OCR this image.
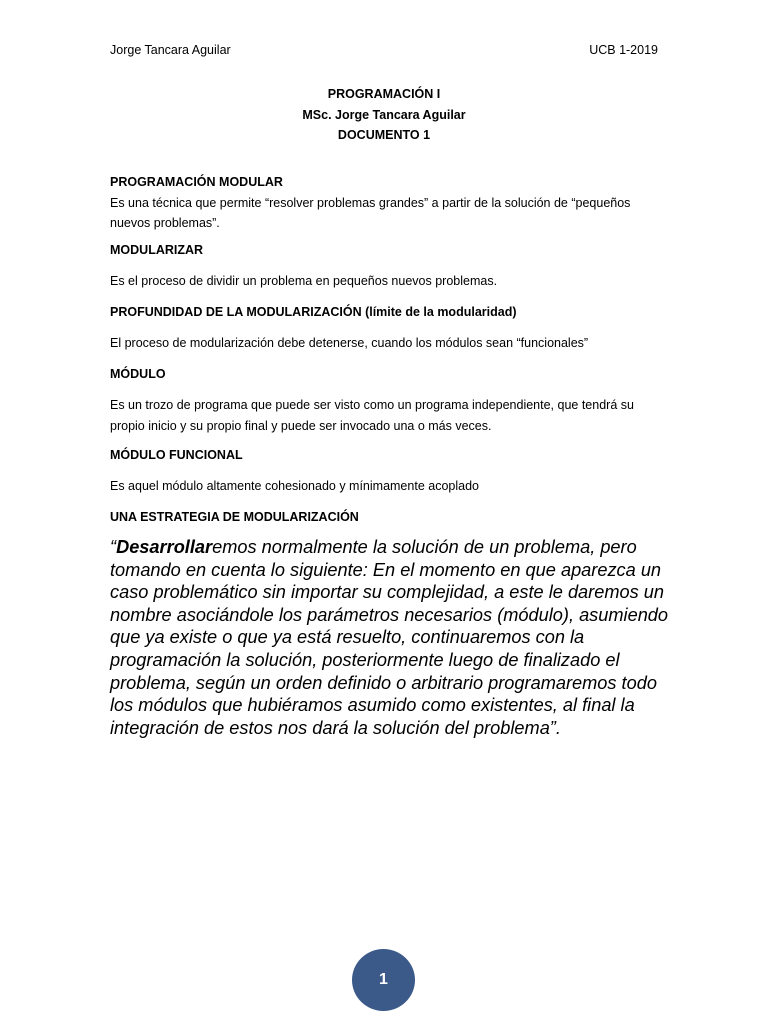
Jorge Tancara Aguilar	UCB 1-2019
PROGRAMACIÓN I
MSc. Jorge Tancara Aguilar
DOCUMENTO 1
PROGRAMACIÓN MODULAR
Es una técnica que permite “resolver problemas grandes” a partir de la solución de “pequeños nuevos problemas”.
MODULARIZAR
Es el proceso de dividir un problema en pequeños nuevos problemas.
PROFUNDIDAD DE LA MODULARIZACIÓN (límite de la modularidad)
El proceso de modularización debe detenerse, cuando los módulos sean “funcionales”
MÓDULO
Es un trozo de programa que puede ser visto como un programa independiente, que tendrá su propio inicio y su propio final y puede ser invocado una o más veces.
MÓDULO FUNCIONAL
Es aquel módulo altamente cohesionado y mínimamente acoplado
UNA ESTRATEGIA DE MODULARIZACIÓN
“Desarrollaremos normalmente la solución de un problema, pero tomando en cuenta lo siguiente: En el momento en que aparezca un caso problemático sin importar su complejidad, a este le daremos un nombre asociándole los parámetros necesarios (módulo), asumiendo que ya existe o que ya está resuelto, continuaremos con la programación la solución, posteriormente luego de finalizado el problema, según un orden definido o arbitrario programaremos todo los módulos que hubiéramos asumido como existentes, al final la integración de estos nos dará la solución del problema”.
1
